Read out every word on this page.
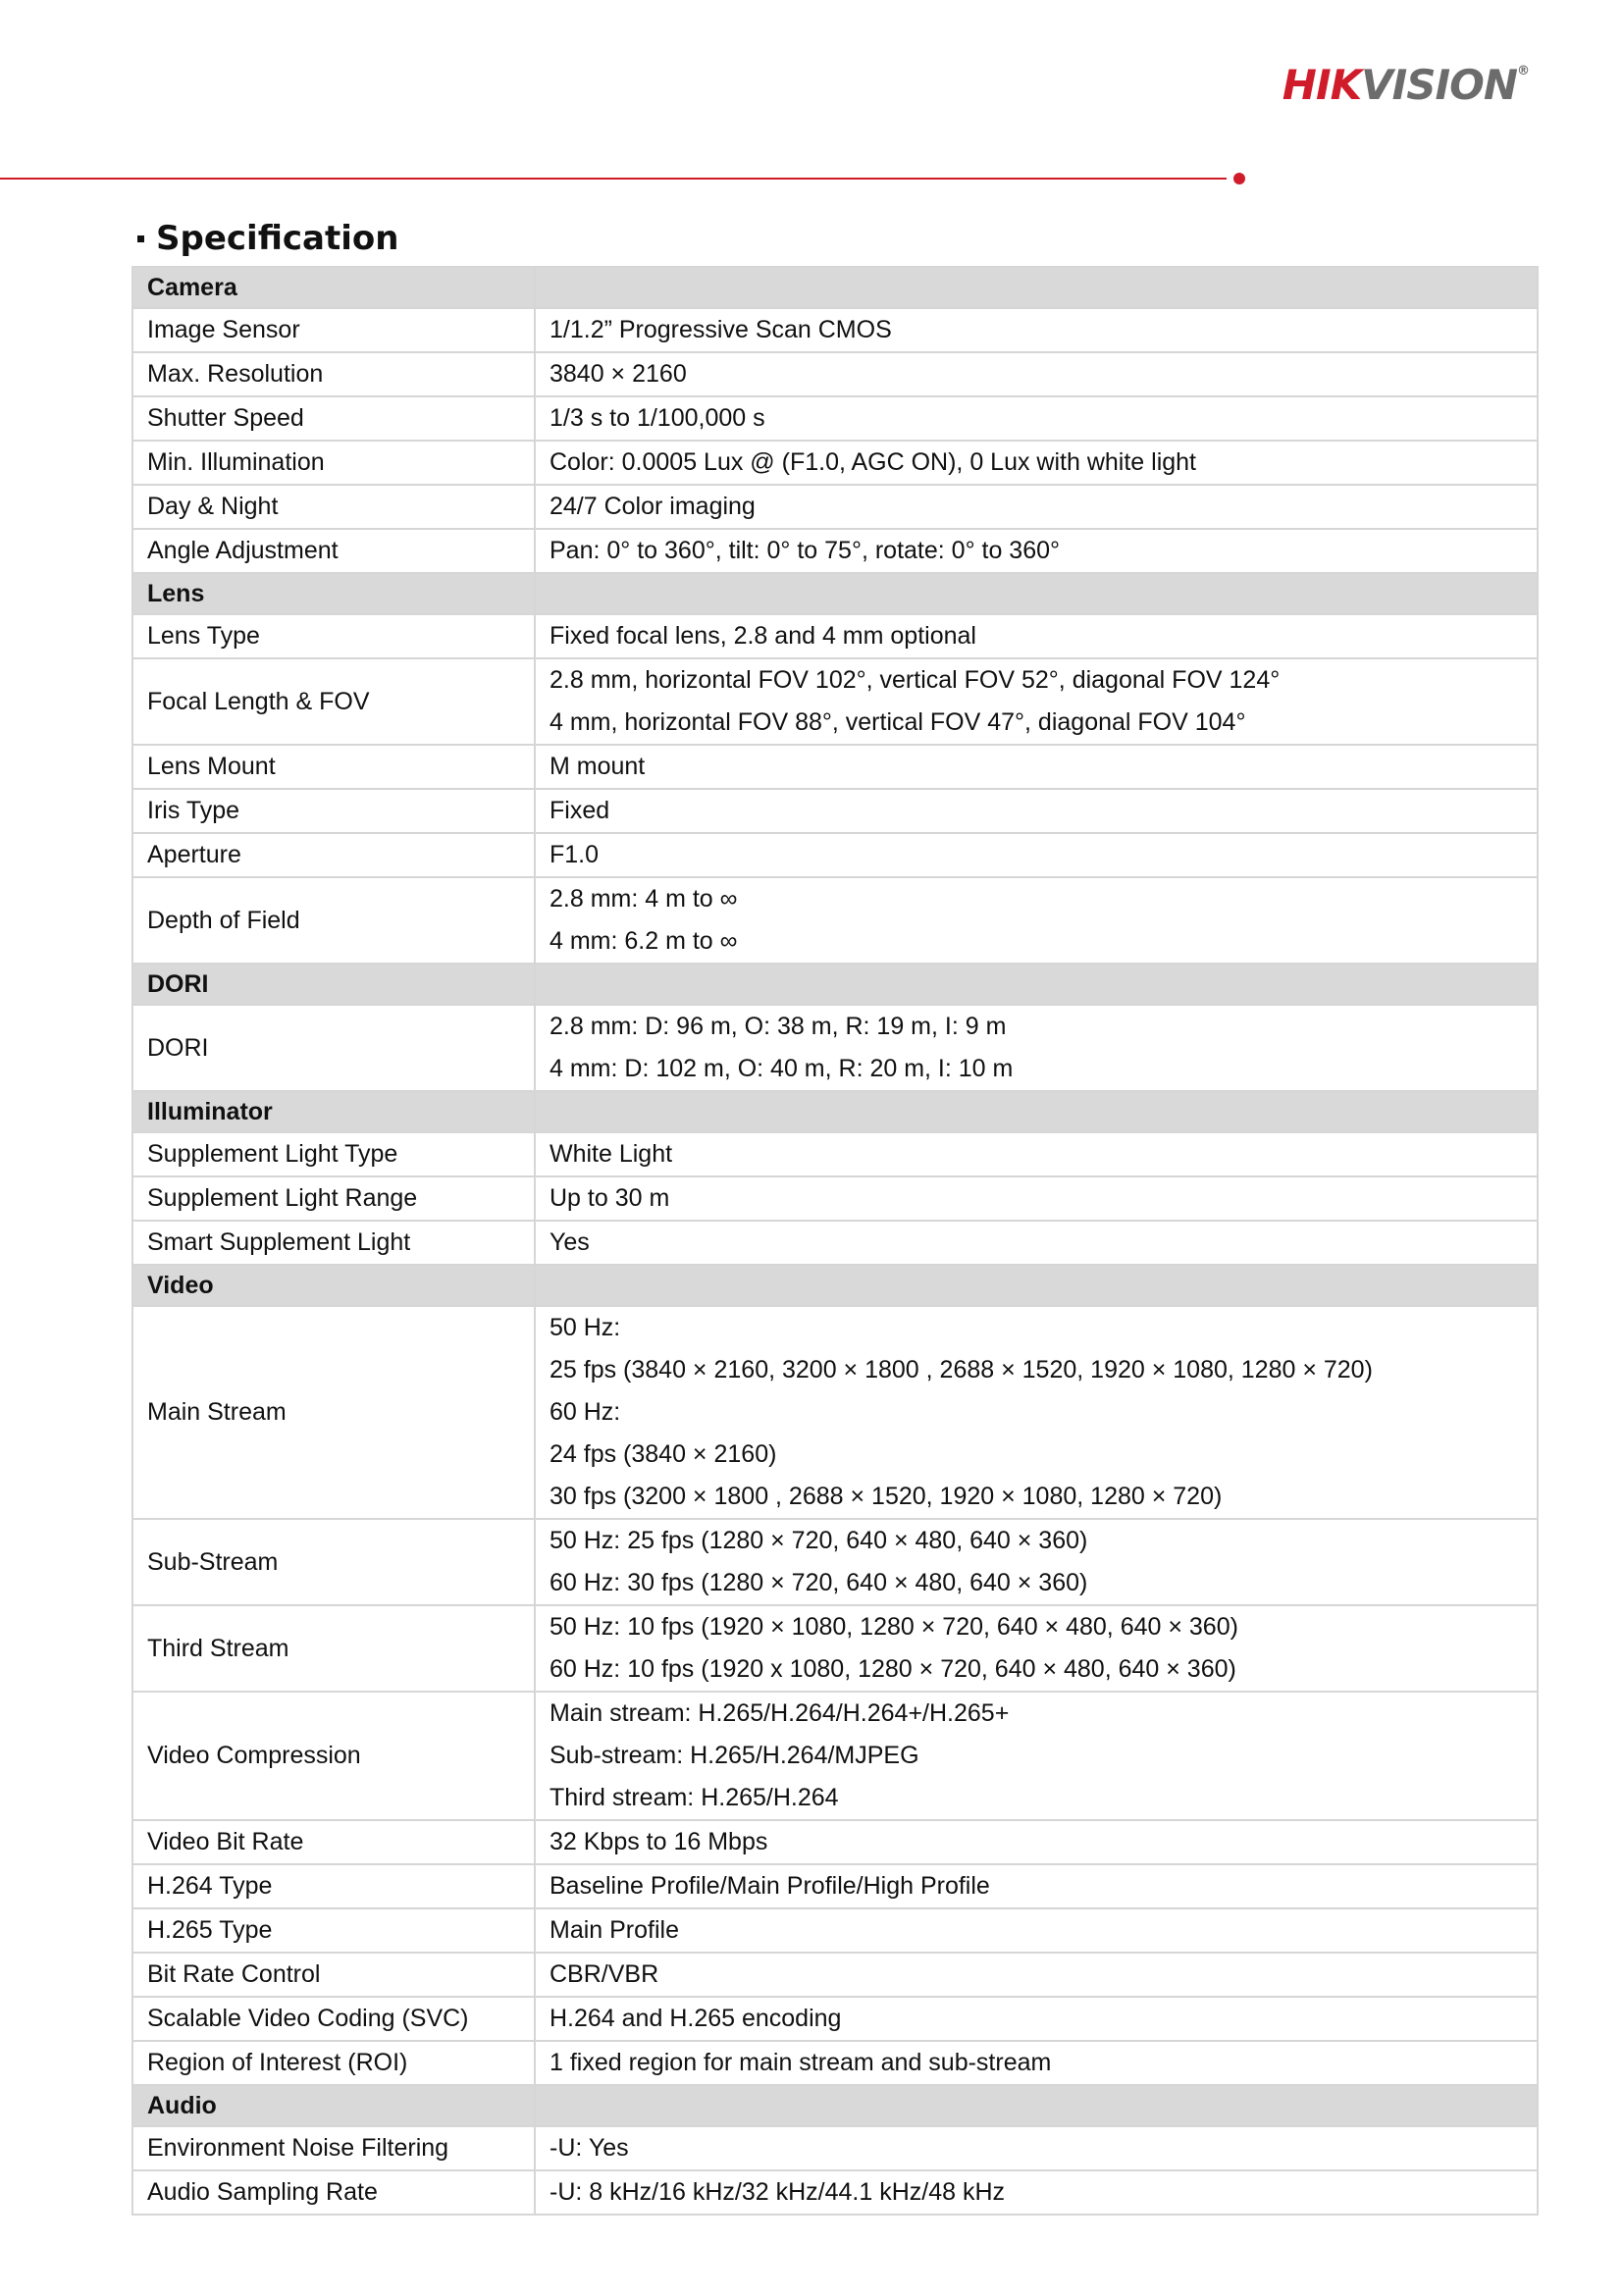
HIKVISION®
Specification
Camera	
Image Sensor	1/1.2” Progressive Scan CMOS

Max. Resolution	3840 × 2160

Shutter Speed	1/3 s to 1/100,000 s

Min. Illumination	Color: 0.0005 Lux @ (F1.0, AGC ON), 0 Lux with white light

Day & Night	24/7 Color imaging

Angle Adjustment	Pan: 0° to 360°, tilt: 0° to 75°, rotate: 0° to 360°

Lens	
Lens Type	Fixed focal lens, 2.8 and 4 mm optional

Focal Length & FOV	2.8 mm, horizontal FOV 102°, vertical FOV 52°, diagonal FOV 124°
4 mm, horizontal FOV 88°, vertical FOV 47°, diagonal FOV 104°

Lens Mount	M mount

Iris Type	Fixed

Aperture	F1.0

Depth of Field	2.8 mm: 4 m to ∞
4 mm: 6.2 m to ∞

DORI	
DORI	2.8 mm: D: 96 m, O: 38 m, R: 19 m, I: 9 m
4 mm: D: 102 m, O: 40 m, R: 20 m, I: 10 m

Illuminator	
Supplement Light Type	White Light

Supplement Light Range	Up to 30 m

Smart Supplement Light	Yes

Video	
Main Stream	50 Hz:
25 fps (3840 × 2160, 3200 × 1800 , 2688 × 1520, 1920 × 1080, 1280 × 720)
60 Hz:
24 fps (3840 × 2160)
30 fps (3200 × 1800 , 2688 × 1520, 1920 × 1080, 1280 × 720)

Sub-Stream	50 Hz: 25 fps (1280 × 720, 640 × 480, 640 × 360)
60 Hz: 30 fps (1280 × 720, 640 × 480, 640 × 360)

Third Stream	50 Hz: 10 fps (1920 × 1080, 1280 × 720, 640 × 480, 640 × 360)
60 Hz: 10 fps (1920 x 1080, 1280 × 720, 640 × 480, 640 × 360)

Video Compression	Main stream: H.265/H.264/H.264+/H.265+
Sub-stream: H.265/H.264/MJPEG
Third stream: H.265/H.264

Video Bit Rate	32 Kbps to 16 Mbps

H.264 Type	Baseline Profile/Main Profile/High Profile

H.265 Type	Main Profile

Bit Rate Control	CBR/VBR

Scalable Video Coding (SVC)	H.264 and H.265 encoding

Region of Interest (ROI)	1 fixed region for main stream and sub-stream

Audio	
Environment Noise Filtering	-U: Yes

Audio Sampling Rate	-U: 8 kHz/16 kHz/32 kHz/44.1 kHz/48 kHz
